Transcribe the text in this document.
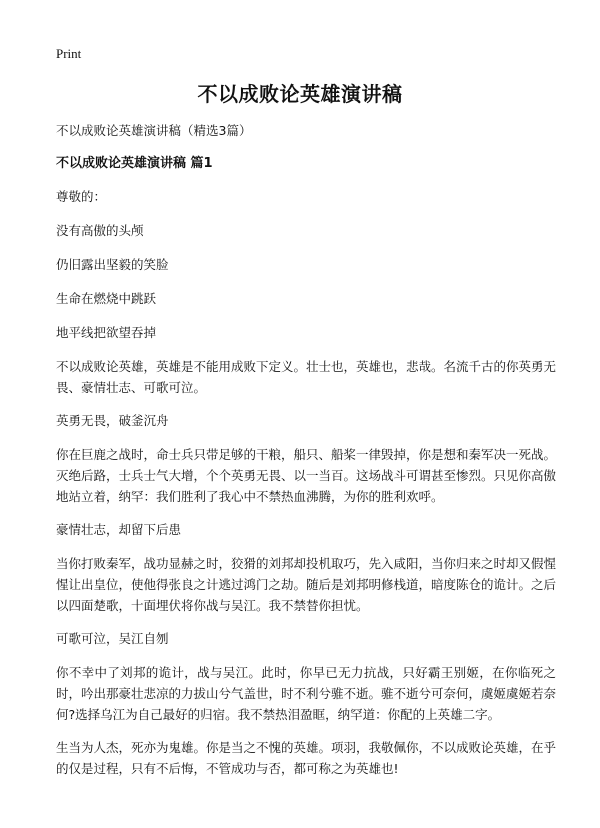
Print

不以成败论英雄演讲稿

不以成败论英雄演讲稿（精选3篇）

不以成败论英雄演讲稿 篇1

尊敬的：

没有高傲的头颅

仍旧露出坚毅的笑脸

生命在燃烧中跳跃

地平线把欲望吞掉

不以成败论英雄，英雄是不能用成败下定义。壮士也，英雄也，悲哉。名流千古的你英勇无畏、豪情壮志、可歌可泣。

英勇无畏，破釜沉舟

你在巨鹿之战时，命士兵只带足够的干粮，船只、船桨一律毁掉，你是想和秦军决一死战。灭绝后路，士兵士气大增，个个英勇无畏、以一当百。这场战斗可谓甚至惨烈。只见你高傲地站立着，纳罕：我们胜利了我心中不禁热血沸腾，为你的胜利欢呼。

豪情壮志，却留下后患

当你打败秦军，战功显赫之时，狡猾的刘邦却投机取巧，先入咸阳，当你归来之时却又假惺惺让出皇位，使他得张良之计逃过鸿门之劫。随后是刘邦明修栈道，暗度陈仓的诡计。之后以四面楚歌，十面埋伏将你战与吴江。我不禁替你担忧。

可歌可泣，吴江自刎

你不幸中了刘邦的诡计，战与吴江。此时，你早已无力抗战，只好霸王别姬，在你临死之时，吟出那豪壮悲凉的力拔山兮气盖世，时不利兮骓不逝。骓不逝兮可奈何，虞姬虞姬若奈何?选择乌江为自己最好的归宿。我不禁热泪盈眶，纳罕道：你配的上英雄二字。

生当为人杰，死亦为鬼雄。你是当之不愧的英雄。项羽，我敬佩你，不以成败论英雄，在乎的仅是过程，只有不后悔，不管成功与否，都可称之为英雄也!
